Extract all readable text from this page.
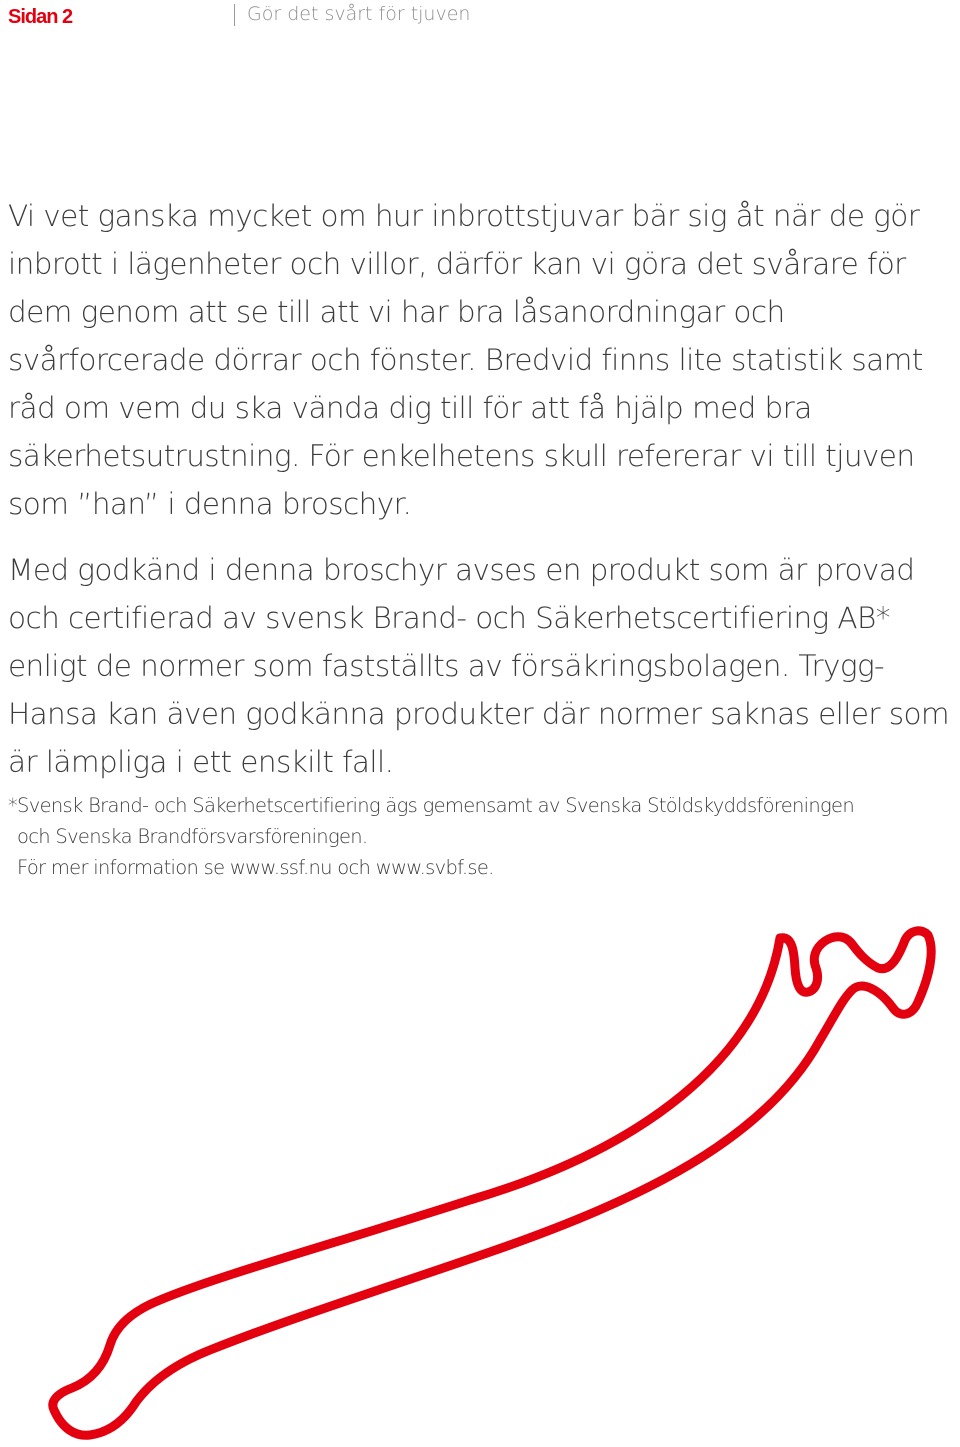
Sidan 2	Gör det svårt för tjuven

Vi vet ganska mycket om hur inbrottstjuvar bär sig åt när de gör inbrott i lägenheter och villor, därför kan vi göra det svårare för dem genom att se till att vi har bra låsanordningar och svårforcerade dörrar och fönster. Bredvid finns lite statistik samt råd om vem du ska vända dig till för att få hjälp med bra säkerhetsutrustning. För enkelhetens skull refererar vi till tjuven som ”han” i denna broschyr.

Med godkänd i denna broschyr avses en produkt som är provad och certifierad av svensk Brand- och Säkerhetscertifiering AB* enligt de normer som fastställts av försäkringsbolagen. Trygg-Hansa kan även godkänna produkter där normer saknas eller som är lämpliga i ett enskilt fall.

*Svensk Brand- och Säkerhetscertifiering ägs gemensamt av Svenska Stöldskyddsföreningen
och Svenska Brandförsvarsföreningen.
För mer information se www.ssf.nu och www.svbf.se.
